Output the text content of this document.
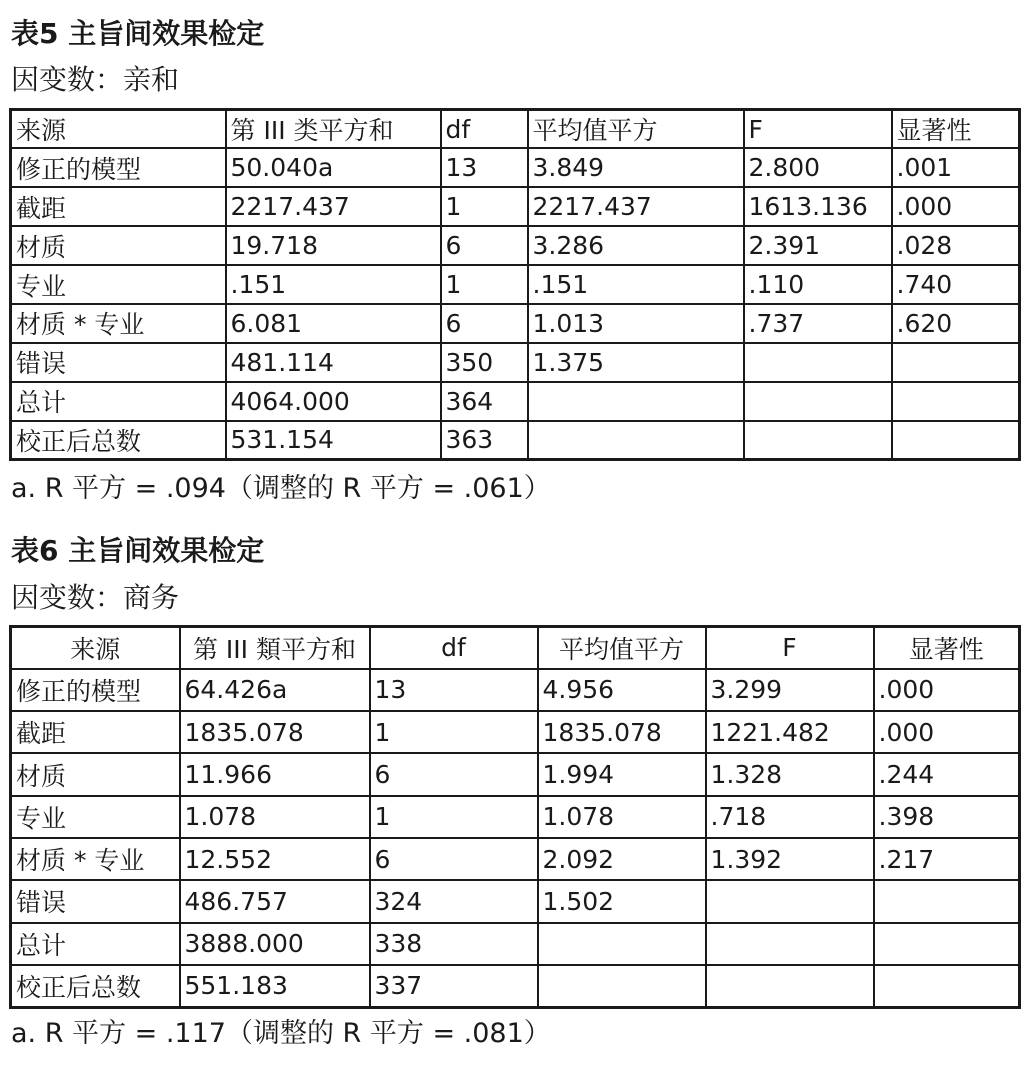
表5 主旨间效果检定
因变数：亲和
来源	第 III 类平方和	df	平均值平方	F	显著性
修正的模型	50.040a	13	3.849	2.800	.001
截距	2217.437	1	2217.437	1613.136	.000
材质	19.718	6	3.286	2.391	.028
专业	.151	1	.151	.110	.740
材质 * 专业	6.081	6	1.013	.737	.620
错误	481.114	350	1.375		
总计	4064.000	364			
校正后总数	531.154	363			
a. R 平方 = .094（调整的 R 平方 = .061）
表6 主旨间效果检定
因变数：商务
来源	第 III 類平方和	df	平均值平方	F	显著性
修正的模型	64.426a	13	4.956	3.299	.000
截距	1835.078	1	1835.078	1221.482	.000
材质	11.966	6	1.994	1.328	.244
专业	1.078	1	1.078	.718	.398
材质 * 专业	12.552	6	2.092	1.392	.217
错误	486.757	324	1.502		
总计	3888.000	338			
校正后总数	551.183	337			
a. R 平方 = .117（调整的 R 平方 = .081）
